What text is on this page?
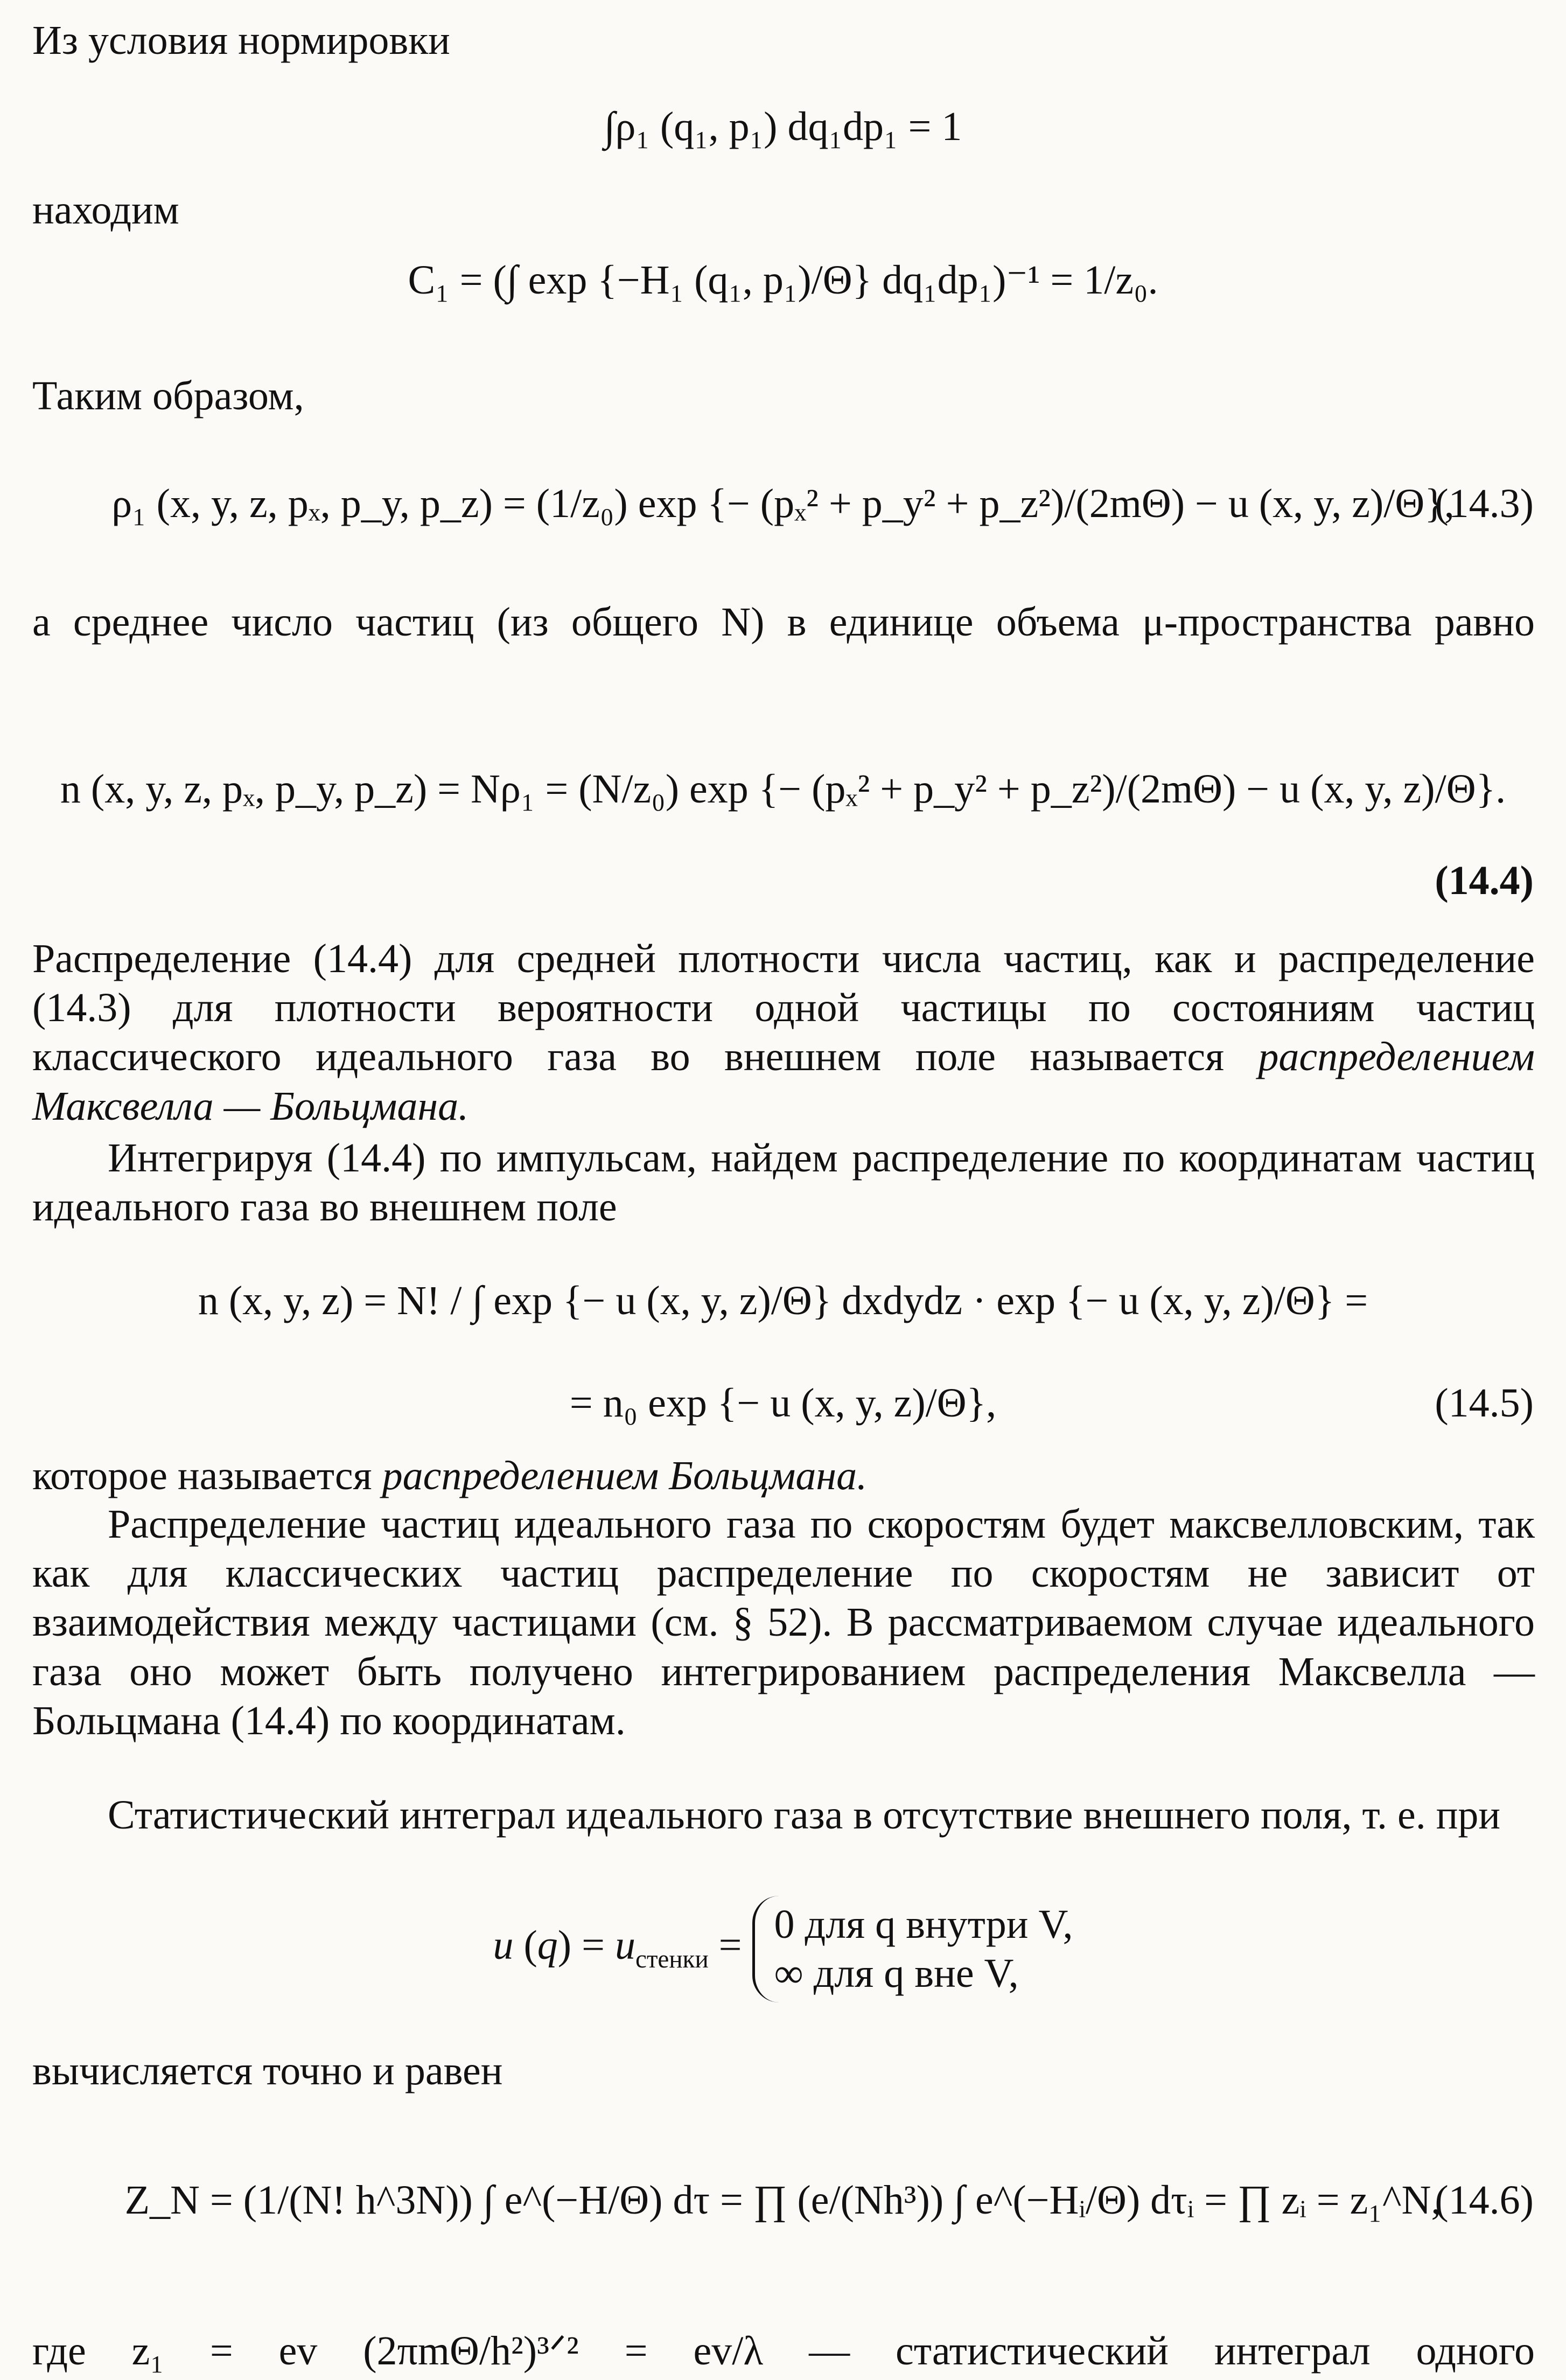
Из условия нормировки

∫ρ₁ (q₁, p₁) dq₁dp₁ = 1

находим

C₁ = (∫ exp {−H₁ (q₁, p₁)/Θ} dq₁dp₁)⁻¹ = 1/z₀.

Таким образом,

ρ₁ (x, y, z, pₓ, p_y, p_z) = (1/z₀) exp {− (pₓ² + p_y² + p_z²)/(2mΘ) − u (x, y, z)/Θ},

(14.3)

а среднее число частиц (из общего N) в единице объема μ-пространства равно

n (x, y, z, pₓ, p_y, p_z) = Nρ₁ = (N/z₀) exp {− (pₓ² + p_y² + p_z²)/(2mΘ) − u (x, y, z)/Θ}.

(14.4)

Распределение (14.4) для средней плотности числа частиц, как и распределение (14.3) для плотности вероятности одной частицы по состояниям частиц классического идеального газа во внешнем поле называется распределением Максвелла — Больцмана.

Интегрируя (14.4) по импульсам, найдем распределение по координатам частиц идеального газа во внешнем поле

n (x, y, z) = N! / ∫ exp {− u (x, y, z)/Θ} dxdydz · exp {− u (x, y, z)/Θ} =

= n₀ exp {− u (x, y, z)/Θ},	(14.5)

которое называется распределением Больцмана.

Распределение частиц идеального газа по скоростям будет максвелловским, так как для классических частиц распределение по скоростям не зависит от взаимодействия между частицами (см. § 52). В рассматриваемом случае идеального газа оно может быть получено интегрированием распределения Максвелла — Больцмана (14.4) по координатам.

Статистический интеграл идеального газа в отсутствие внешнего поля, т. е. при

u $(q) = u_{стенки} = 0$ для q внутри V,
∞ для q вне V,

вычисляется точно и равен

Z_N = (1/(N! h^3N)) ∫ e^(−H/Θ) dτ = ∏ (e/(Nh³)) ∫ e^(−Hᵢ/Θ) dτᵢ = ∏ zᵢ = z₁^N,

(14.6)

где z₁ = ev (2πmΘ/h²)³ᐟ² = ev/λ — статистический интеграл одного
